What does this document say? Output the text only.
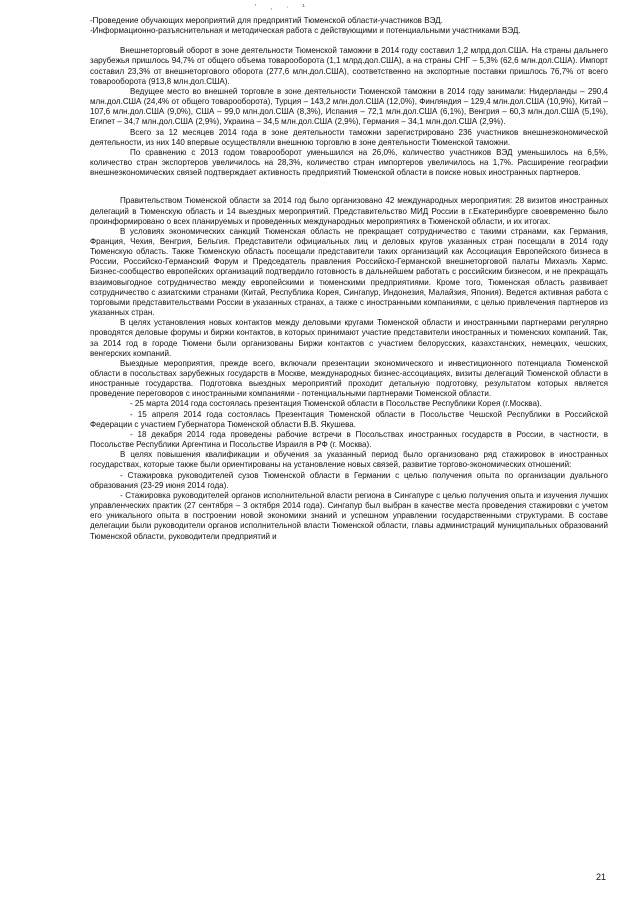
' , · ¹

-Проведение обучающих мероприятий для предприятий Тюменской области-участников ВЭД.

-Информационно-разъяснительная и методическая работа с действующими и потенциальными участниками ВЭД.

Внешнеторговый оборот в зоне деятельности Тюменской таможни в 2014 году составил 1,2 млрд.дол.США. На страны дальнего зарубежья пришлось 94,7% от общего объема товарооборота (1,1 млрд.дол.США), а на страны СНГ – 5,3% (62,6 млн.дол.США). Импорт составил 23,3% от внешнеторгового оборота (277,6 млн.дол.США), соответственно на экспортные поставки пришлось 76,7% от всего товарооборота (913,8 млн.дол.США).

Ведущее место во внешней торговле в зоне деятельности Тюменской таможни в 2014 году занимали: Нидерланды – 290,4 млн.дол.США (24,4% от общего товарооборота), Турция – 143,2 млн.дол.США (12,0%), Финляндия – 129,4 млн.дол.США (10,9%), Китай – 107,6 млн.дол.США (9,0%), США – 99,0 млн.дол.США (8,3%), Испания – 72,1 млн.дол.США (6,1%), Венгрия – 60,3 млн.дол.США (5,1%), Египет – 34,7 млн.дол.США (2,9%), Украина – 34,5 млн.дол.США (2,9%), Германия – 34,1 млн.дол.США (2,9%).

Всего за 12 месяцев 2014 года в зоне деятельности таможни зарегистрировано 236 участников внешнеэкономической деятельности, из них 140 впервые осуществляли внешнюю торговлю в зоне деятельности Тюменской таможни.

По сравнению с 2013 годом товарооборот уменьшился на 26,0%, количество участников ВЭД уменьшилось на 6,5%, количество стран экспортеров увеличилось на 28,3%, количество стран импортеров увеличилось на 1,7%. Расширение географии внешнеэкономических связей подтверждает активность предприятий Тюменской области в поиске новых иностранных партнеров.

Правительством Тюменской области за 2014 год было организовано 42 международных мероприятия: 28 визитов иностранных делегаций в Тюменскую область и 14 выездных мероприятий. Представительство МИД России в г.Екатеринбурге своевременно было проинформировано о всех планируемых и проведенных международных мероприятиях в Тюменской области, и их итогах.

В условиях экономических санкций Тюменская область не прекращает сотрудничество с такими странами, как Германия, Франция, Чехия, Венгрия, Бельгия. Представители официальных лиц и деловых кругов указанных стран посещали в 2014 году Тюменскую область. Также Тюменскую область посещали представители таких организаций как Ассоциация Европейского бизнеса в России, Российско-Германский Форум и Председатель правления Российско-Германской внешнеторговой палаты Михаэль Хармс. Бизнес-сообщество европейских организаций подтвердило готовность в дальнейшем работать с российским бизнесом, и не прекращать взаимовыгодное сотрудничество между европейскими и тюменскими предприятиями. Кроме того, Тюменская область развивает сотрудничество с азиатскими странами (Китай, Республика Корея, Сингапур, Индонезия, Малайзия, Япония). Ведется активная работа с торговыми представительствами России в указанных странах, а также с иностранными компаниями, с целью привлечения партнеров из указанных стран.

В целях установления новых контактов между деловыми кругами Тюменской области и иностранными партнерами регулярно проводятся деловые форумы и биржи контактов, в которых принимают участие представители иностранных и тюменских компаний. Так, за 2014 год в городе Тюмени были организованы Биржи контактов с участием белорусских, казахстанских, немецких, чешских, венгерских компаний.

Выездные мероприятия, прежде всего, включали презентации экономического и инвестиционного потенциала Тюменской области в посольствах зарубежных государств в Москве, международных бизнес-ассоциациях, визиты делегаций Тюменской области в иностранные государства. Подготовка выездных мероприятий проходит детальную подготовку, результатом которых является проведение переговоров с иностранными компаниями - потенциальными партнерами Тюменской области.

- 25 марта 2014 года состоялась презентация Тюменской области в Посольстве Республики Корея (г.Москва).

- 15 апреля 2014 года состоялась Презентация Тюменской области в Посольстве Чешской Республики в Российской Федерации с участием Губернатора Тюменской области В.В. Якушева.

- 18 декабря 2014 года проведены рабочие встречи в Посольствах иностранных государств в России, в частности, в Посольстве Республики Аргентина и Посольстве Израиля в РФ (г. Москва).

В целях повышения квалификации и обучения за указанный период было организовано ряд стажировок в иностранных государствах, которые также были ориентированы на установление новых связей, развитие торгово-экономических отношений:

- Стажировка руководителей сузов Тюменской области в Германии с целью получения опыта по организации дуального образования (23-29 июня 2014 года).

- Стажировка руководителей органов исполнительной власти региона в Сингапуре с целью получения опыта и изучения лучших управленческих практик (27 сентября – 3 октября 2014 года). Сингапур был выбран в качестве места проведения стажировки с учетом его уникального опыта в построении новой экономики знаний и успешном управлении государственными структурами. В составе делегации были руководители органов исполнительной власти Тюменской области, главы администраций муниципальных образований Тюменской области, руководители предприятий и

21
